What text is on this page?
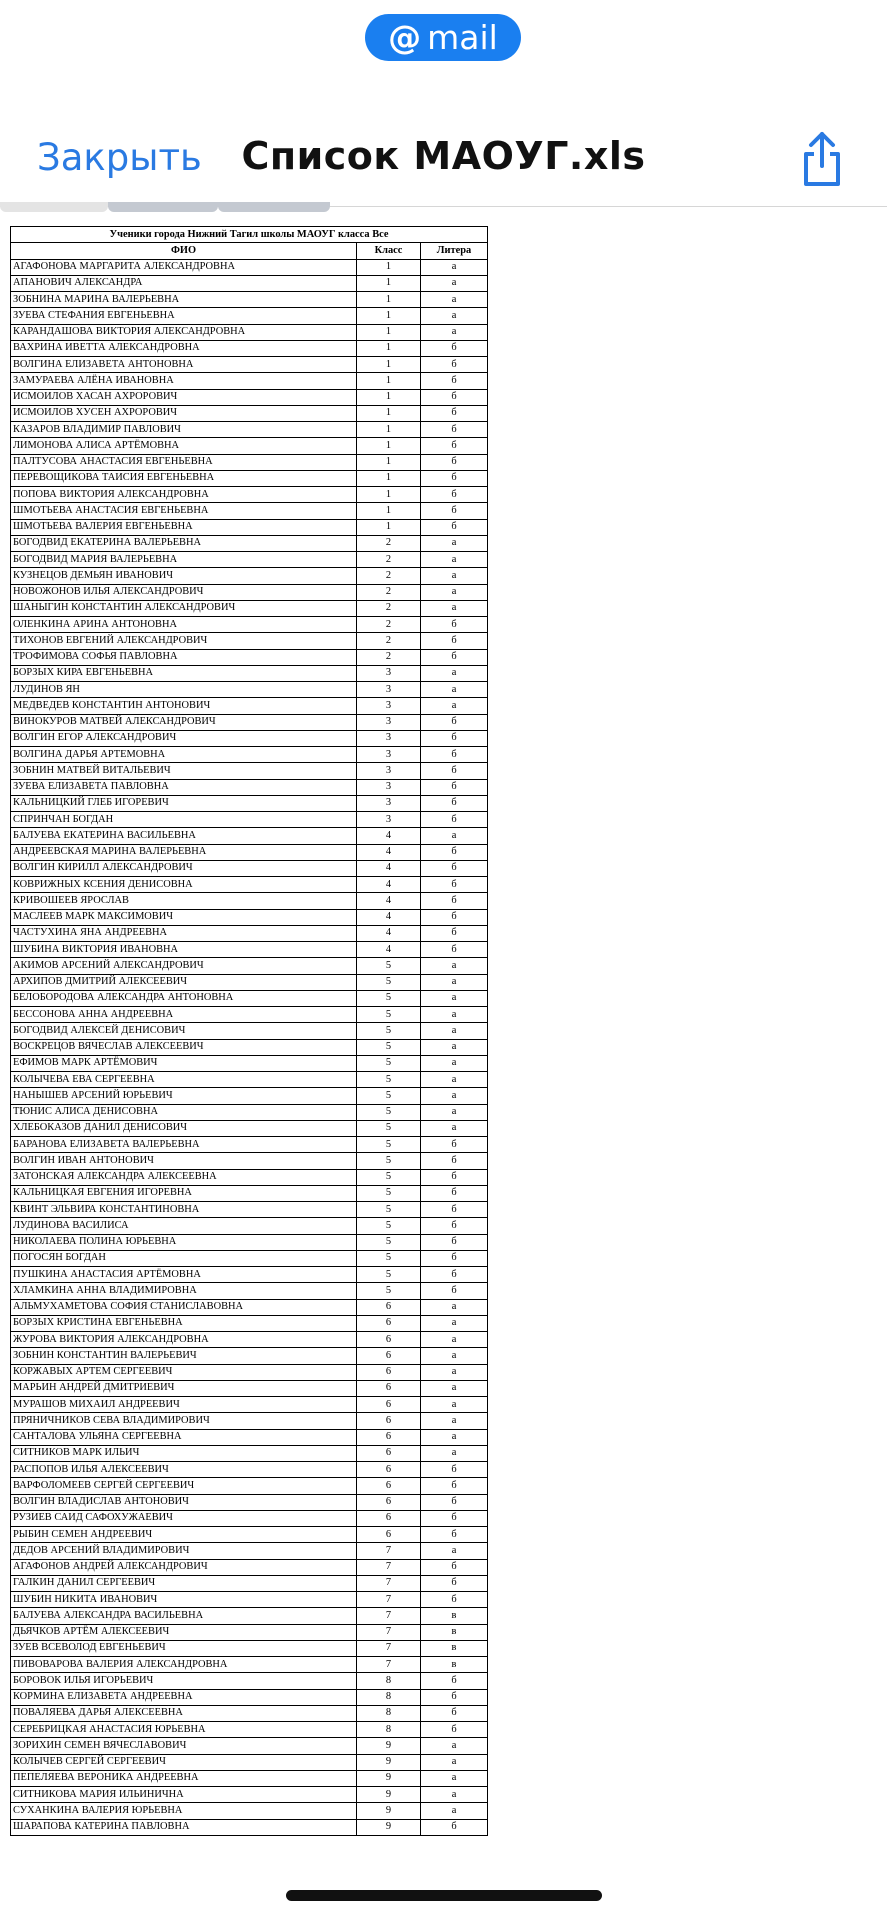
@ mail
Закрыть	Список МАОУГ.xls
Ученики города Нижний Тагил школы МАОУГ класса Все		
ФИО	Класс	Литера
АГАФОНОВА МАРГАРИТА АЛЕКСАНДРОВНА	1	а
АПАНОВИЧ АЛЕКСАНДРА	1	а
ЗОБНИНА МАРИНА ВАЛЕРЬЕВНА	1	а
ЗУЕВА СТЕФАНИЯ ЕВГЕНЬЕВНА	1	а
КАРАНДАШОВА ВИКТОРИЯ АЛЕКСАНДРОВНА	1	а
ВАХРИНА ИВЕТТА АЛЕКСАНДРОВНА	1	б
ВОЛГИНА ЕЛИЗАВЕТА АНТОНОВНА	1	б
ЗАМУРАЕВА АЛЁНА ИВАНОВНА	1	б
ИСМОИЛОВ ХАСАН АХРОРОВИЧ	1	б
ИСМОИЛОВ ХУСЕН АХРОРОВИЧ	1	б
КАЗАРОВ ВЛАДИМИР ПАВЛОВИЧ	1	б
ЛИМОНОВА АЛИСА АРТЁМОВНА	1	б
ПАЛТУСОВА АНАСТАСИЯ ЕВГЕНЬЕВНА	1	б
ПЕРЕВОЩИКОВА ТАИСИЯ ЕВГЕНЬЕВНА	1	б
ПОПОВА ВИКТОРИЯ АЛЕКСАНДРОВНА	1	б
ШМОТЬЕВА АНАСТАСИЯ ЕВГЕНЬЕВНА	1	б
ШМОТЬЕВА ВАЛЕРИЯ ЕВГЕНЬЕВНА	1	б
БОГОДВИД ЕКАТЕРИНА ВАЛЕРЬЕВНА	2	а
БОГОДВИД МАРИЯ ВАЛЕРЬЕВНА	2	а
КУЗНЕЦОВ ДЕМЬЯН ИВАНОВИЧ	2	а
НОВОЖОНОВ ИЛЬЯ АЛЕКСАНДРОВИЧ	2	а
ШАНЫГИН КОНСТАНТИН АЛЕКСАНДРОВИЧ	2	а
ОЛЕНКИНА АРИНА АНТОНОВНА	2	б
ТИХОНОВ ЕВГЕНИЙ АЛЕКСАНДРОВИЧ	2	б
ТРОФИМОВА СОФЬЯ ПАВЛОВНА	2	б
БОРЗЫХ КИРА ЕВГЕНЬЕВНА	3	а
ЛУДИНОВ ЯН	3	а
МЕДВЕДЕВ КОНСТАНТИН АНТОНОВИЧ	3	а
ВИНОКУРОВ МАТВЕЙ АЛЕКСАНДРОВИЧ	3	б
ВОЛГИН ЕГОР АЛЕКСАНДРОВИЧ	3	б
ВОЛГИНА ДАРЬЯ АРТЕМОВНА	3	б
ЗОБНИН МАТВЕЙ ВИТАЛЬЕВИЧ	3	б
ЗУЕВА ЕЛИЗАВЕТА ПАВЛОВНА	3	б
КАЛЬНИЦКИЙ ГЛЕБ ИГОРЕВИЧ	3	б
СПРИНЧАН БОГДАН	3	б
БАЛУЕВА ЕКАТЕРИНА ВАСИЛЬЕВНА	4	а
АНДРЕЕВСКАЯ МАРИНА ВАЛЕРЬЕВНА	4	б
ВОЛГИН КИРИЛЛ АЛЕКСАНДРОВИЧ	4	б
КОВРИЖНЫХ КСЕНИЯ ДЕНИСОВНА	4	б
КРИВОШЕЕВ ЯРОСЛАВ	4	б
МАСЛЕЕВ МАРК МАКСИМОВИЧ	4	б
ЧАСТУХИНА ЯНА АНДРЕЕВНА	4	б
ШУБИНА ВИКТОРИЯ ИВАНОВНА	4	б
АКИМОВ АРСЕНИЙ АЛЕКСАНДРОВИЧ	5	а
АРХИПОВ ДМИТРИЙ АЛЕКСЕЕВИЧ	5	а
БЕЛОБОРОДОВА АЛЕКСАНДРА АНТОНОВНА	5	а
БЕССОНОВА АННА АНДРЕЕВНА	5	а
БОГОДВИД АЛЕКСЕЙ ДЕНИСОВИЧ	5	а
ВОСКРЕЦОВ ВЯЧЕСЛАВ АЛЕКСЕЕВИЧ	5	а
ЕФИМОВ МАРК АРТЁМОВИЧ	5	а
КОЛЫЧЕВА ЕВА СЕРГЕЕВНА	5	а
НАНЫШЕВ АРСЕНИЙ ЮРЬЕВИЧ	5	а
ТЮНИС АЛИСА ДЕНИСОВНА	5	а
ХЛЕБОКАЗОВ ДАНИЛ ДЕНИСОВИЧ	5	а
БАРАНОВА ЕЛИЗАВЕТА ВАЛЕРЬЕВНА	5	б
ВОЛГИН ИВАН АНТОНОВИЧ	5	б
ЗАТОНСКАЯ АЛЕКСАНДРА АЛЕКСЕЕВНА	5	б
КАЛЬНИЦКАЯ ЕВГЕНИЯ ИГОРЕВНА	5	б
КВИНТ ЭЛЬВИРА КОНСТАНТИНОВНА	5	б
ЛУДИНОВА ВАСИЛИСА	5	б
НИКОЛАЕВА ПОЛИНА ЮРЬЕВНА	5	б
ПОГОСЯН БОГДАН	5	б
ПУШКИНА АНАСТАСИЯ АРТЁМОВНА	5	б
ХЛАМКИНА АННА ВЛАДИМИРОВНА	5	б
АЛЬМУХАМЕТОВА СОФИЯ СТАНИСЛАВОВНА	6	а
БОРЗЫХ КРИСТИНА ЕВГЕНЬЕВНА	6	а
ЖУРОВА ВИКТОРИЯ АЛЕКСАНДРОВНА	6	а
ЗОБНИН КОНСТАНТИН ВАЛЕРЬЕВИЧ	6	а
КОРЖАВЫХ АРТЕМ СЕРГЕЕВИЧ	6	а
МАРЬИН АНДРЕЙ ДМИТРИЕВИЧ	6	а
МУРАШОВ МИХАИЛ АНДРЕЕВИЧ	6	а
ПРЯНИЧНИКОВ СЕВА ВЛАДИМИРОВИЧ	6	а
САНТАЛОВА УЛЬЯНА СЕРГЕЕВНА	6	а
СИТНИКОВ МАРК ИЛЬИЧ	6	а
РАСПОПОВ ИЛЬЯ АЛЕКСЕЕВИЧ	6	б
ВАРФОЛОМЕЕВ СЕРГЕЙ СЕРГЕЕВИЧ	6	б
ВОЛГИН ВЛАДИСЛАВ АНТОНОВИЧ	6	б
РУЗИЕВ САИД САФОХУЖАЕВИЧ	6	б
РЫБИН СЕМЕН АНДРЕЕВИЧ	6	б
ДЕДОВ АРСЕНИЙ ВЛАДИМИРОВИЧ	7	а
АГАФОНОВ АНДРЕЙ АЛЕКСАНДРОВИЧ	7	б
ГАЛКИН ДАНИЛ СЕРГЕЕВИЧ	7	б
ШУБИН НИКИТА ИВАНОВИЧ	7	б
БАЛУЕВА АЛЕКСАНДРА ВАСИЛЬЕВНА	7	в
ДЬЯЧКОВ АРТЁМ АЛЕКСЕЕВИЧ	7	в
ЗУЕВ ВСЕВОЛОД ЕВГЕНЬЕВИЧ	7	в
ПИВОВАРОВА ВАЛЕРИЯ АЛЕКСАНДРОВНА	7	в
БОРОВОК ИЛЬЯ ИГОРЬЕВИЧ	8	б
КОРМИНА ЕЛИЗАВЕТА АНДРЕЕВНА	8	б
ПОВАЛЯЕВА ДАРЬЯ АЛЕКСЕЕВНА	8	б
СЕРЕБРИЦКАЯ АНАСТАСИЯ ЮРЬЕВНА	8	б
ЗОРИХИН СЕМЕН ВЯЧЕСЛАВОВИЧ	9	а
КОЛЫЧЕВ СЕРГЕЙ СЕРГЕЕВИЧ	9	а
ПЕПЕЛЯЕВА ВЕРОНИКА АНДРЕЕВНА	9	а
СИТНИКОВА МАРИЯ ИЛЬИНИЧНА	9	а
СУХАНКИНА ВАЛЕРИЯ ЮРЬЕВНА	9	а
ШАРАПОВА КАТЕРИНА ПАВЛОВНА	9	б
